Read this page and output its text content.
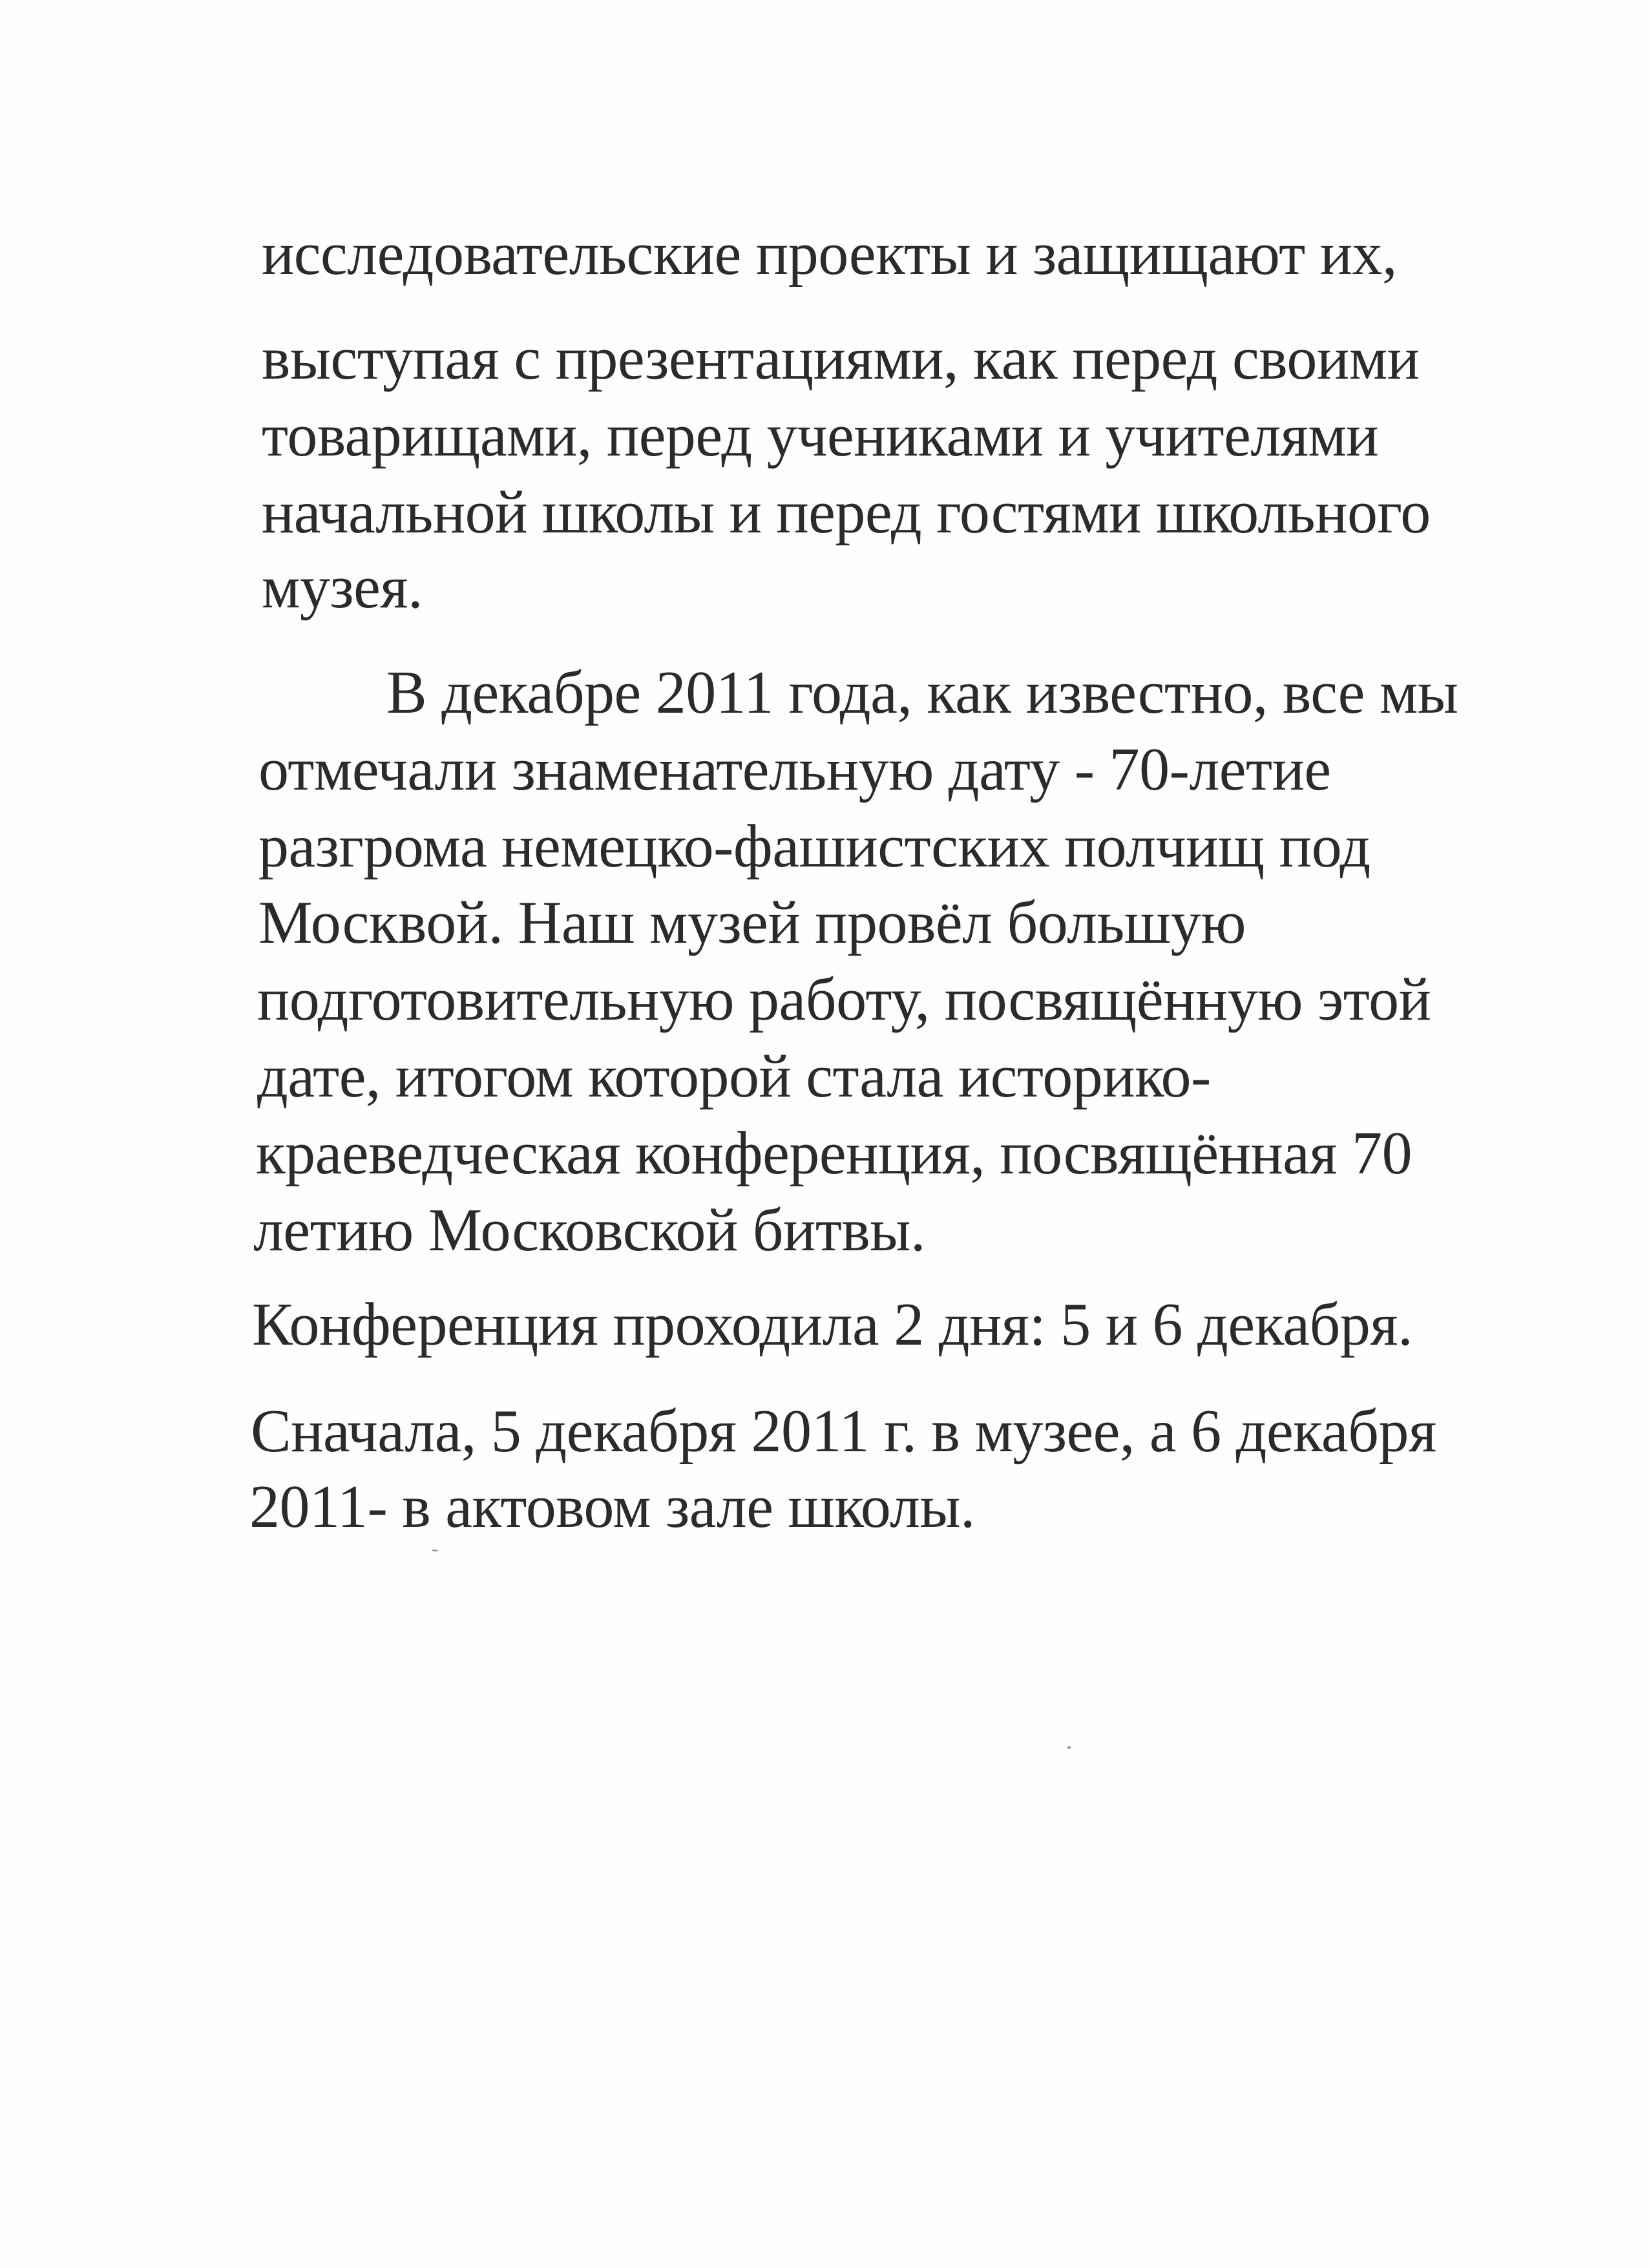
исследовательские проекты и защищают их,

выступая с презентациями, как перед своими

товарищами, перед учениками и учителями

начальной школы и перед гостями школьного

музея.

В декабре 2011 года, как известно, все мы

отмечали знаменательную дату - 70-летие

разгрома немецко-фашистских полчищ под

Москвой. Наш музей провёл большую

подготовительную работу, посвящённую этой

дате, итогом которой стала историко-

краеведческая конференция, посвящённая 70

летию Московской битвы.

Конференция проходила 2 дня: 5 и 6 декабря.

Сначала, 5 декабря 2011 г. в музее, а 6 декабря

2011- в актовом зале школы.
